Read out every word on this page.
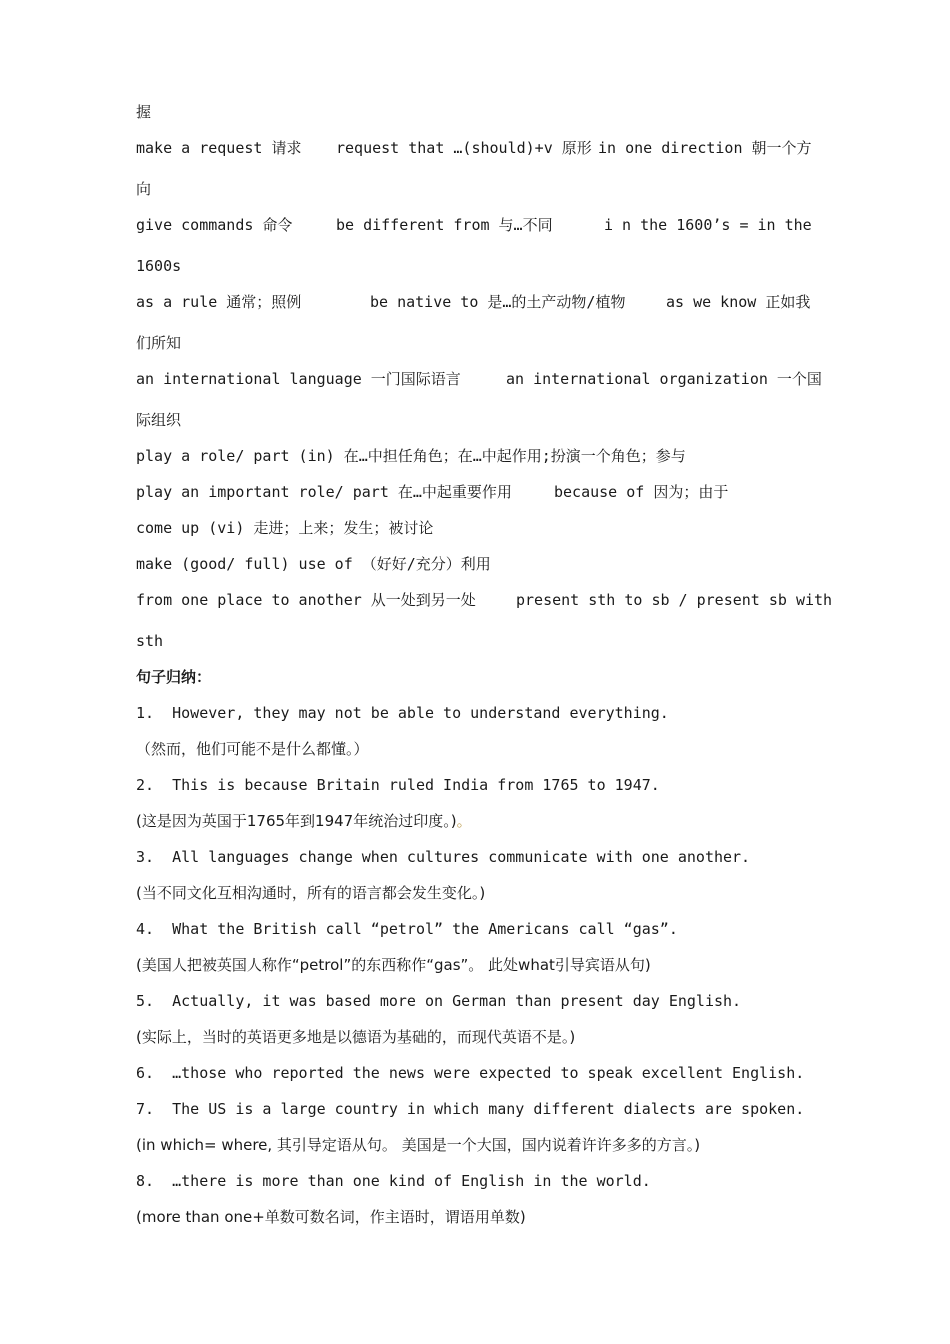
握

make a request 请求

request that …(should)+v 原形

in one direction 朝一个方

向

give commands 命令

	be different from 与…不同

	i n the 1600’s = in the

1600s

as a rule 通常；照例

	be native to 是…的土产动物/植物

	as we know 正如我

们所知

an international language 一门国际语言

	an international organization 一个国

际组织
play a role/ part (in) 在…中担任角色；在…中起作用;扮演一个角色；参与

play an important role/ part 在…中起重要作用

	because of 因为；由于

come up (vi) 走进；上来；发生；被讨论
make (good/ full) use of （好好/充分）利用

from one place to another 从一处到另一处

	present sth to sb / present sb with

sth
句子归纳：
1.  However, they may not be able to understand everything.
（然而，他们可能不是什么都懂。）
2.  This is because Britain ruled India from 1765 to 1947.
(这是因为英国于1765年到1947年统治过印度。)。
3.  All languages change when cultures communicate with one another.
(当不同文化互相沟通时，所有的语言都会发生变化。)
4.  What the British call “petrol” the Americans call “gas”.
(美国人把被英国人称作“petrol”的东西称作“gas”。 此处what引导宾语从句)
5.  Actually, it was based more on German than present day English.
(实际上，当时的英语更多地是以德语为基础的，而现代英语不是。)
6.  …those who reported the news were expected to speak excellent English.
7.  The US is a large country in which many different dialects are spoken.
(in which= where, 其引导定语从句。 美国是一个大国，国内说着许许多多的方言。)
8.  …there is more than one kind of English in the world.
(more than one+单数可数名词，作主语时，谓语用单数)
